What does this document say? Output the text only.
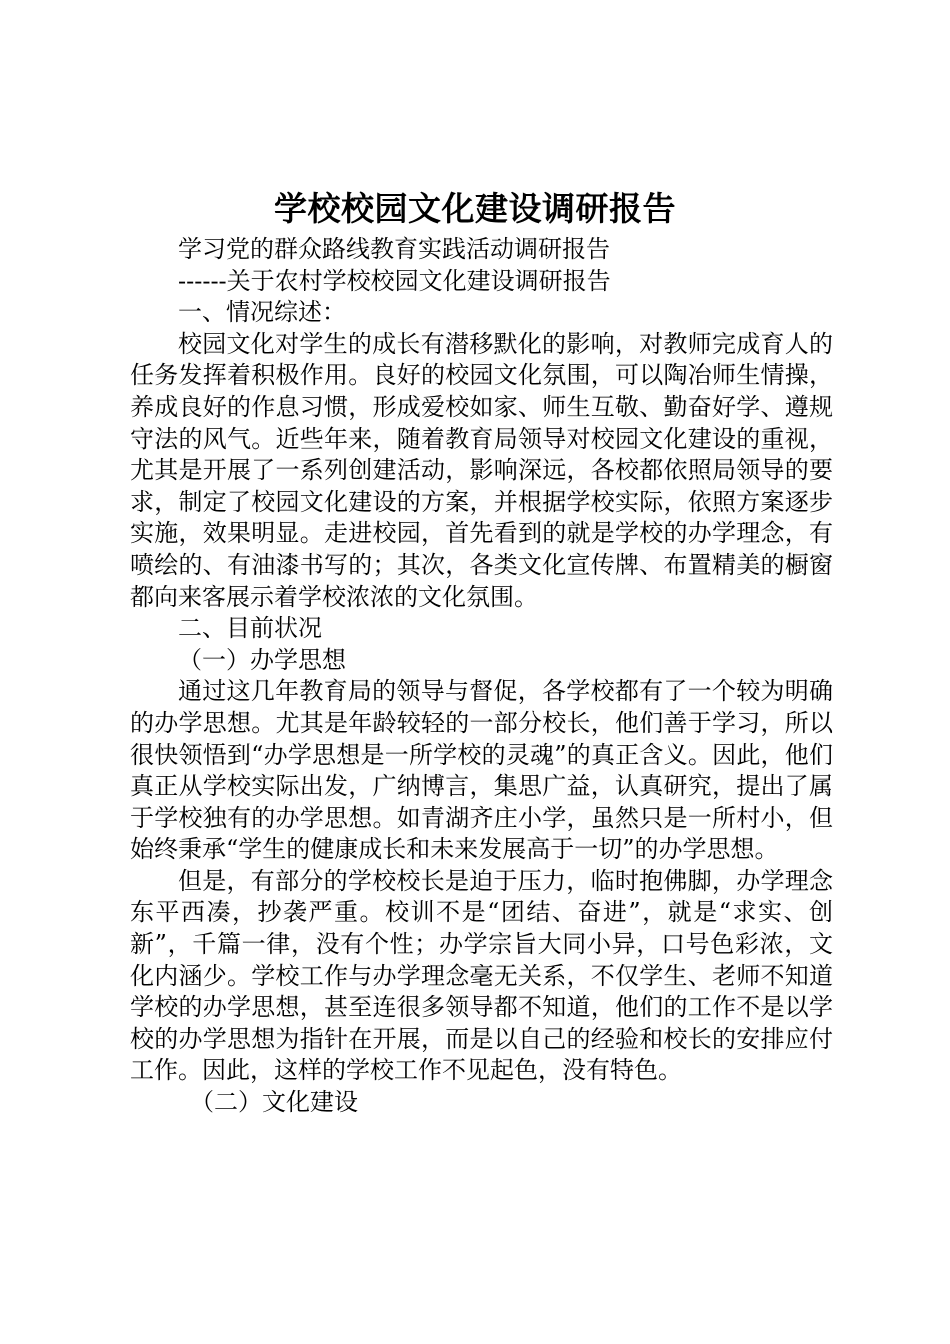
学校校园文化建设调研报告
学习党的群众路线教育实践活动调研报告
------关于农村学校校园文化建设调研报告
一、情况综述：

校园文化对学生的成长有潜移默化的影响，对教师完成育人的任务发挥着积极作用。良好的校园文化氛围，可以陶冶师生情操，养成良好的作息习惯，形成爱校如家、师生互敬、勤奋好学、遵规守法的风气。近些年来，随着教育局领导对校园文化建设的重视，尤其是开展了一系列创建活动，影响深远，各校都依照局领导的要求，制定了校园文化建设的方案，并根据学校实际，依照方案逐步实施，效果明显。走进校园，首先看到的就是学校的办学理念，有喷绘的、有油漆书写的；其次，各类文化宣传牌、布置精美的橱窗都向来客展示着学校浓浓的文化氛围。

二、目前状况
（一）办学思想

通过这几年教育局的领导与督促，各学校都有了一个较为明确的办学思想。尤其是年龄较轻的一部分校长，他们善于学习，所以很快领悟到“办学思想是一所学校的灵魂”的真正含义。因此，他们真正从学校实际出发，广纳博言，集思广益，认真研究，提出了属于学校独有的办学思想。如青湖齐庄小学，虽然只是一所村小，但始终秉承“学生的健康成长和未来发展高于一切”的办学思想。

但是，有部分的学校校长是迫于压力，临时抱佛脚，办学理念东平西凑，抄袭严重。校训不是“团结、奋进”，就是“求实、创新”，千篇一律，没有个性；办学宗旨大同小异，口号色彩浓，文化内涵少。学校工作与办学理念毫无关系，不仅学生、老师不知道学校的办学思想，甚至连很多领导都不知道，他们的工作不是以学校的办学思想为指针在开展，而是以自己的经验和校长的安排应付工作。因此，这样的学校工作不见起色，没有特色。

（二）文化建设
